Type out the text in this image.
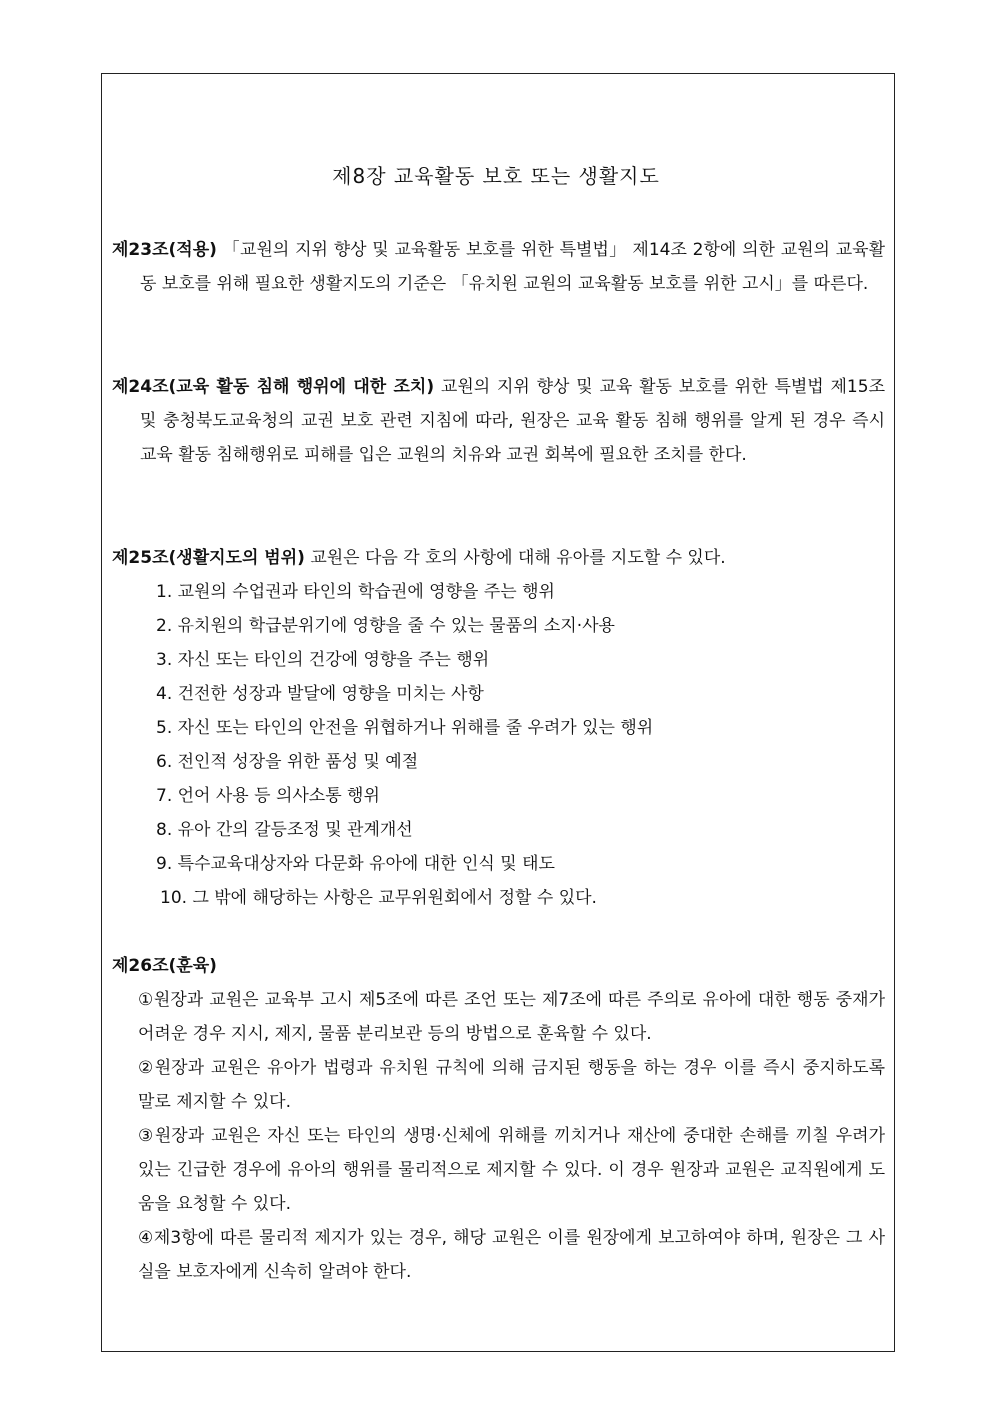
제8장 교육활동 보호 또는 생활지도
제23조(적용) 「교원의 지위 향상 및 교육활동 보호를 위한 특별법」 제14조 2항에 의한 교원의 교육활동 보호를 위해 필요한 생활지도의 기준은 「유치원 교원의 교육활동 보호를 위한 고시」를 따른다.
제24조(교육 활동 침해 행위에 대한 조치) 교원의 지위 향상 및 교육 활동 보호를 위한 특별법 제15조 및 충청북도교육청의 교권 보호 관련 지침에 따라, 원장은 교육 활동 침해 행위를 알게 된 경우 즉시 교육 활동 침해행위로 피해를 입은 교원의 치유와 교권 회복에 필요한 조치를 한다.
제25조(생활지도의 범위) 교원은 다음 각 호의 사항에 대해 유아를 지도할 수 있다.
1. 교원의 수업권과 타인의 학습권에 영향을 주는 행위
2. 유치원의 학급분위기에 영향을 줄 수 있는 물품의 소지·사용
3. 자신 또는 타인의 건강에 영향을 주는 행위
4. 건전한 성장과 발달에 영향을 미치는 사항
5. 자신 또는 타인의 안전을 위협하거나 위해를 줄 우려가 있는 행위
6. 전인적 성장을 위한 품성 및 예절
7. 언어 사용 등 의사소통 행위
8. 유아 간의 갈등조정 및 관계개선
9. 특수교육대상자와 다문화 유아에 대한 인식 및 태도
10. 그 밖에 해당하는 사항은 교무위원회에서 정할 수 있다.
제26조(훈육)
①원장과 교원은 교육부 고시 제5조에 따른 조언 또는 제7조에 따른 주의로 유아에 대한 행동 중재가 어려운 경우 지시, 제지, 물품 분리보관 등의 방법으로 훈육할 수 있다.
②원장과 교원은 유아가 법령과 유치원 규칙에 의해 금지된 행동을 하는 경우 이를 즉시 중지하도록 말로 제지할 수 있다.
③원장과 교원은 자신 또는 타인의 생명·신체에 위해를 끼치거나 재산에 중대한 손해를 끼칠 우려가 있는 긴급한 경우에 유아의 행위를 물리적으로 제지할 수 있다. 이 경우 원장과 교원은 교직원에게 도움을 요청할 수 있다.
④제3항에 따른 물리적 제지가 있는 경우, 해당 교원은 이를 원장에게 보고하여야 하며, 원장은 그 사실을 보호자에게 신속히 알려야 한다.
